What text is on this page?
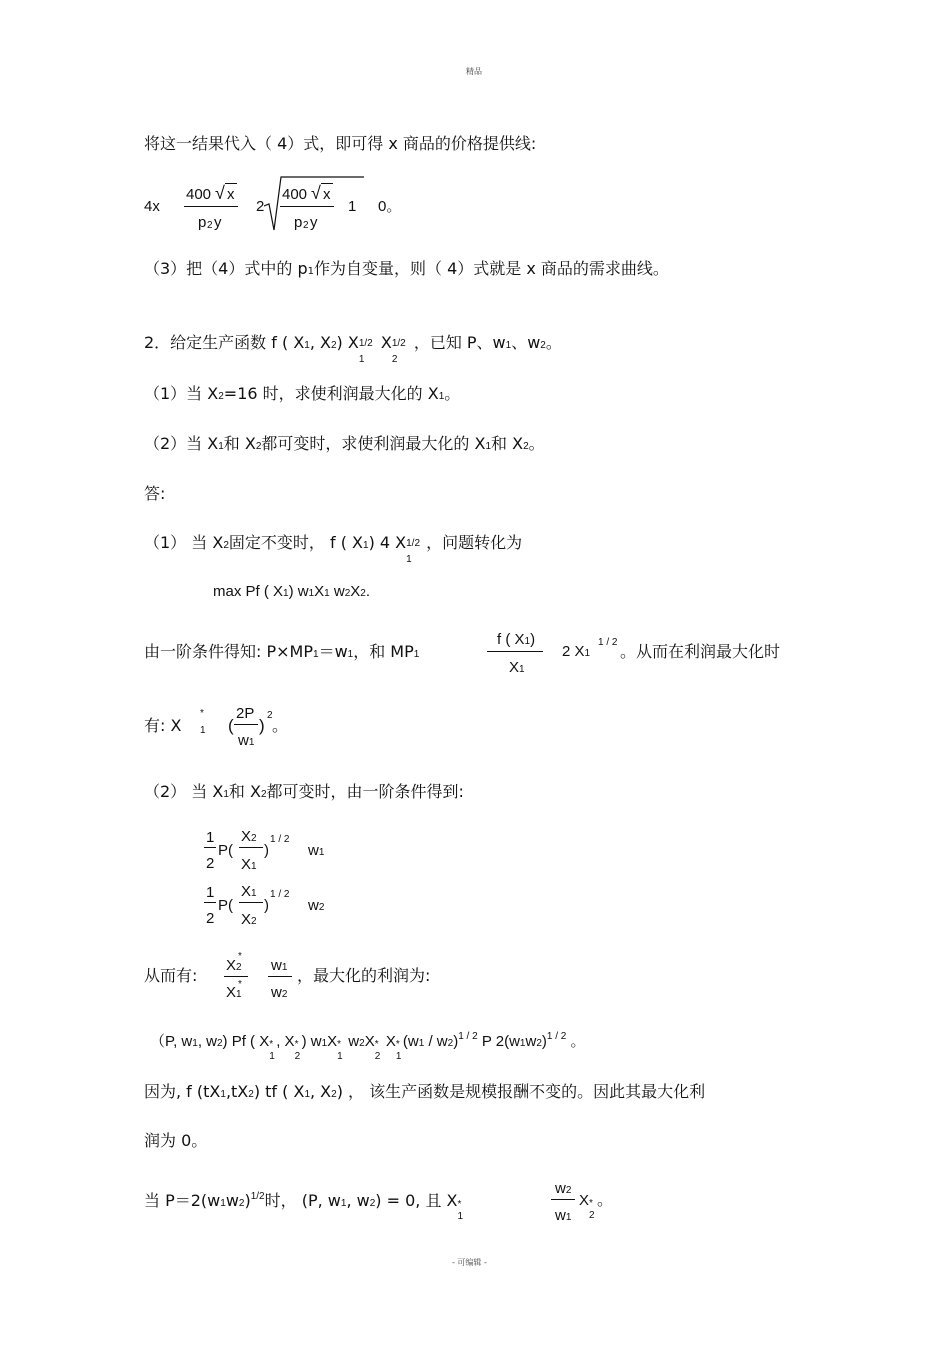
精品
- 可编辑 -
将这一结果代入（ 4）式，即可得 x 商品的价格提供线:
4x
400 √ x
p 2 y
2
400 √ x
p 2 y
1 0。
（3）把（4）式中的 p1作为自变量，则（ 4）式就是 x 商品的需求曲线。
2．给定生产函数 f ( X1, X2) X 1/2
1
X 1/2
2
，已知 P、w1、w2。
（1）当 X2=16 时，求使利润最大化的 X1。
（2）当 X1和 X2都可变时，求使利润最大化的 X1和 X2。
答:
（1） 当 X2固定不变时， f ( X1) 4 X 1/2
1
，问题转化为
max Pf ( X1) w1X1 w2X2.
由一阶条件得知: P×MP1＝w1，和 MP1
f ( X1)
X1
2 X1
1 / 2 。从而在利润最大化时
有: X
*
1 (
2P
w1
)
2
。
（2） 当 X1和 X2都可变时，由一阶条件得到:
1
2
P(
X2
X1
)
1 / 2
w1
1
2
P(
X1
X2
)
1 / 2
w2
从而有:
*
X2
*
X1
w1
w2
，最大化的利润为:
（P, w1, w2) Pf ( X *
1
, X *
2
) w1X *
1
w2X *
2
X *
1
(w1 / w2)$^{1 / 2}$ P $2(w1w2)^{1 / 2}$ 。
因为, f (tX1,tX2) tf ( X1, X2) ， 该生产函数是规模报酬不变的。因此其最大化利
润为 0。
当 $P=2(w1w2)^{1/2}$时， (P, w1, w2) = 0, 且 X *
1
w2
w1
X *
2
。
